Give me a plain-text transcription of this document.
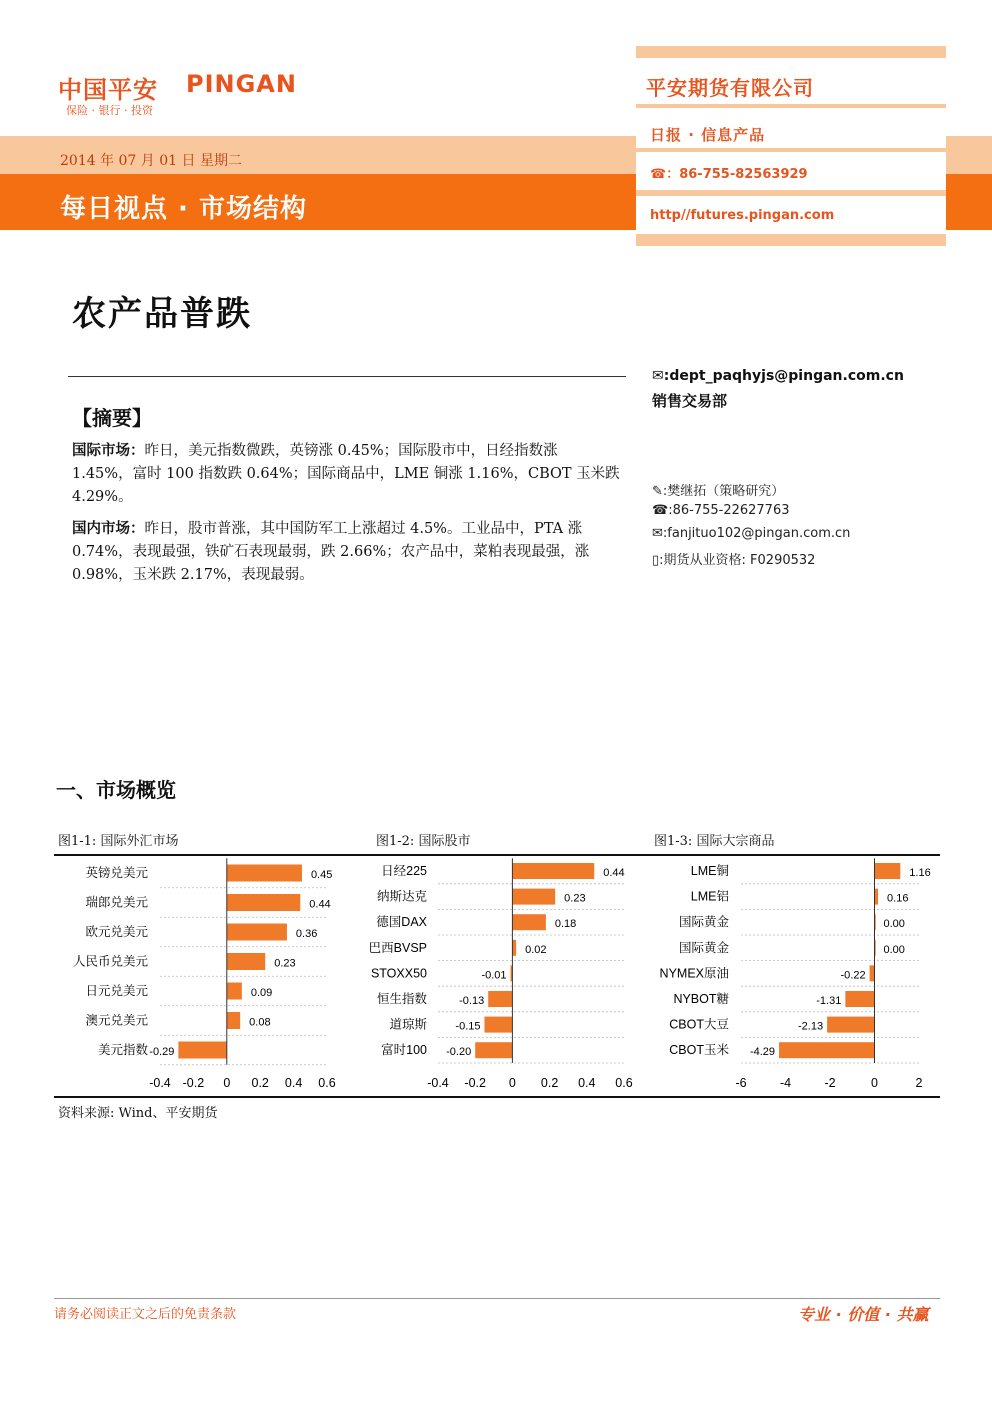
中国平安 PINGAN
保险 · 银行 · 投资
2014 年 07 月 01 日 星期二
每日视点 · 市场结构
平安期货有限公司
日报 · 信息产品
☎：86-755-82563929
http//futures.pingan.com
农产品普跌
✉:dept_paqhyjs@pingan.com.cn
销售交易部
【摘要】
国际市场：昨日，美元指数微跌，英镑涨 0.45%；国际股市中，日经指数涨 1.45%，富时 100 指数跌 0.64%；国际商品中，LME 铜涨 1.16%，CBOT 玉米跌 4.29%。
国内市场：昨日，股市普涨，其中国防军工上涨超过 4.5%。工业品中，PTA 涨 0.74%，表现最强，铁矿石表现最弱，跌 2.66%；农产品中，菜粕表现最强，涨 0.98%，玉米跌 2.17%，表现最弱。
✎:樊继拓（策略研究）
☎:86-755-22627763
✉:fanjituo102@pingan.com.cn
▯:期货从业资格: F0290532
一、市场概览
图1-1: 国际外汇市场	图1-2: 国际股市	图1-3: 国际大宗商品
英镑兑美元	0.45
瑞郎兑美元	0.44
欧元兑美元	0.36
人民币兑美元	0.23
日元兑美元	0.09
澳元兑美元	0.08
美元指数 -0.29
-0.4 -0.2 0 0.2 0.4 0.6
日经225	0.44
纳斯达克	0.23
德国DAX	0.18
巴西BVSP	0.02
STOXX50	-0.01
恒生指数	-0.13
道琼斯	-0.15
富时100 -0.20
-0.4 -0.2 0 0.2 0.4 0.6
LME铜	1.16
LME铝	0.16
国际黄金	0.00
国际黄金	0.00
NYMEX原油	-0.22
NYBOT糖	-1.31
CBOT大豆	-2.13
CBOT玉米 -4.29
-6	-4	-2	0	2
资料来源: Wind、平安期货
请务必阅读正文之后的免责条款	专业 · 价值 · 共赢
